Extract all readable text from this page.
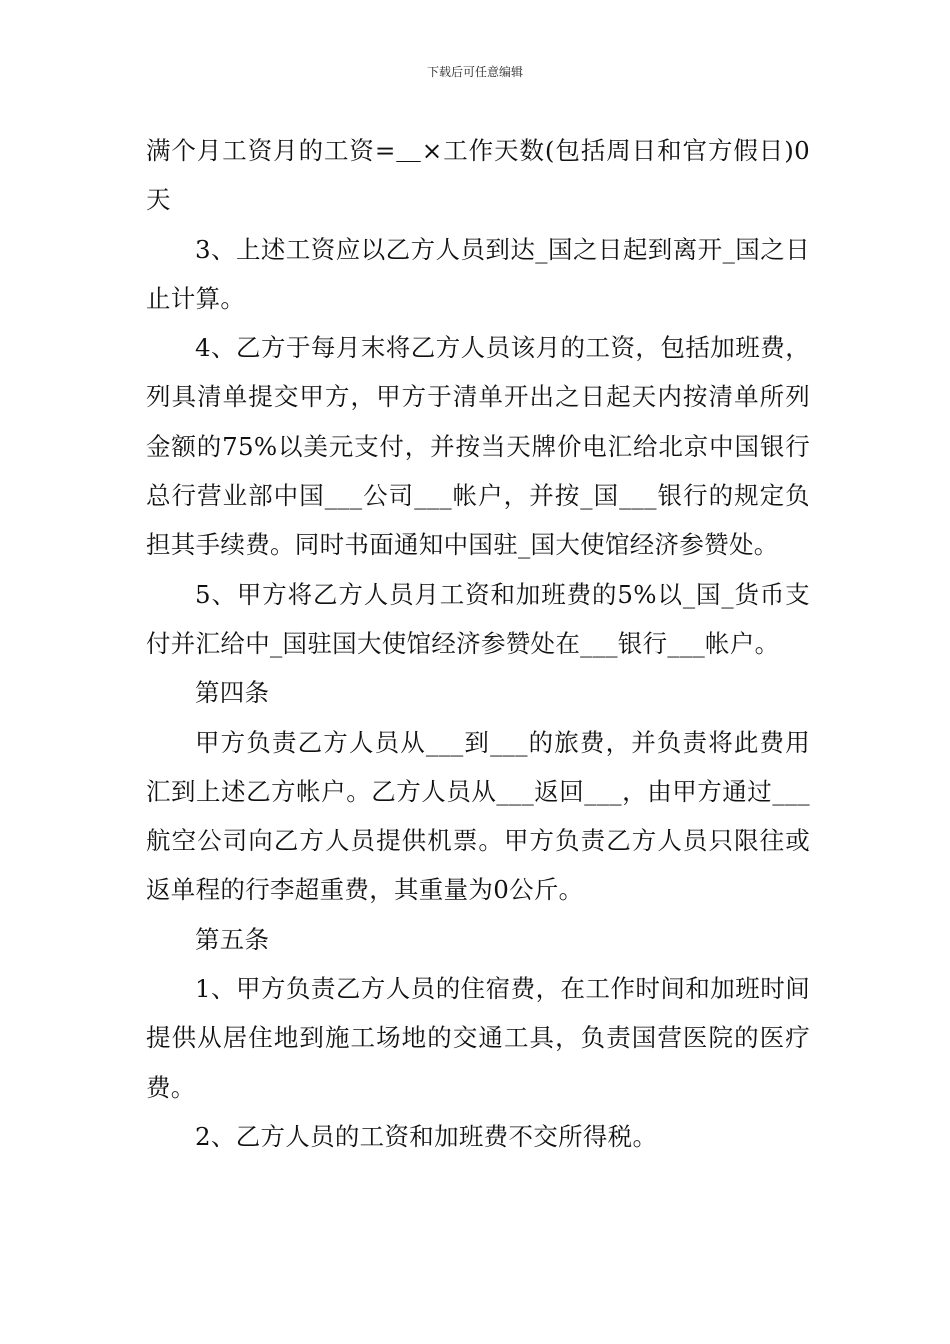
下载后可任意编辑

满个月工资月的工资=＿×工作天数(包括周日和官方假日)0天

3、上述工资应以乙方人员到达_国之日起到离开_国之日止计算。

4、乙方于每月末将乙方人员该月的工资，包括加班费，列具清单提交甲方，甲方于清单开出之日起天内按清单所列金额的75%以美元支付，并按当天牌价电汇给北京中国银行总行营业部中国___公司___帐户，并按_国___银行的规定负担其手续费。同时书面通知中国驻_国大使馆经济参赞处。

5、甲方将乙方人员月工资和加班费的5%以_国_货币支付并汇给中_国驻国大使馆经济参赞处在___银行___帐户。

第四条

甲方负责乙方人员从___到___的旅费，并负责将此费用汇到上述乙方帐户。乙方人员从___返回___，由甲方通过___航空公司向乙方人员提供机票。甲方负责乙方人员只限往或返单程的行李超重费，其重量为0公斤。

第五条

1、甲方负责乙方人员的住宿费，在工作时间和加班时间提供从居住地到施工场地的交通工具，负责国营医院的医疗费。

2、乙方人员的工资和加班费不交所得税。
